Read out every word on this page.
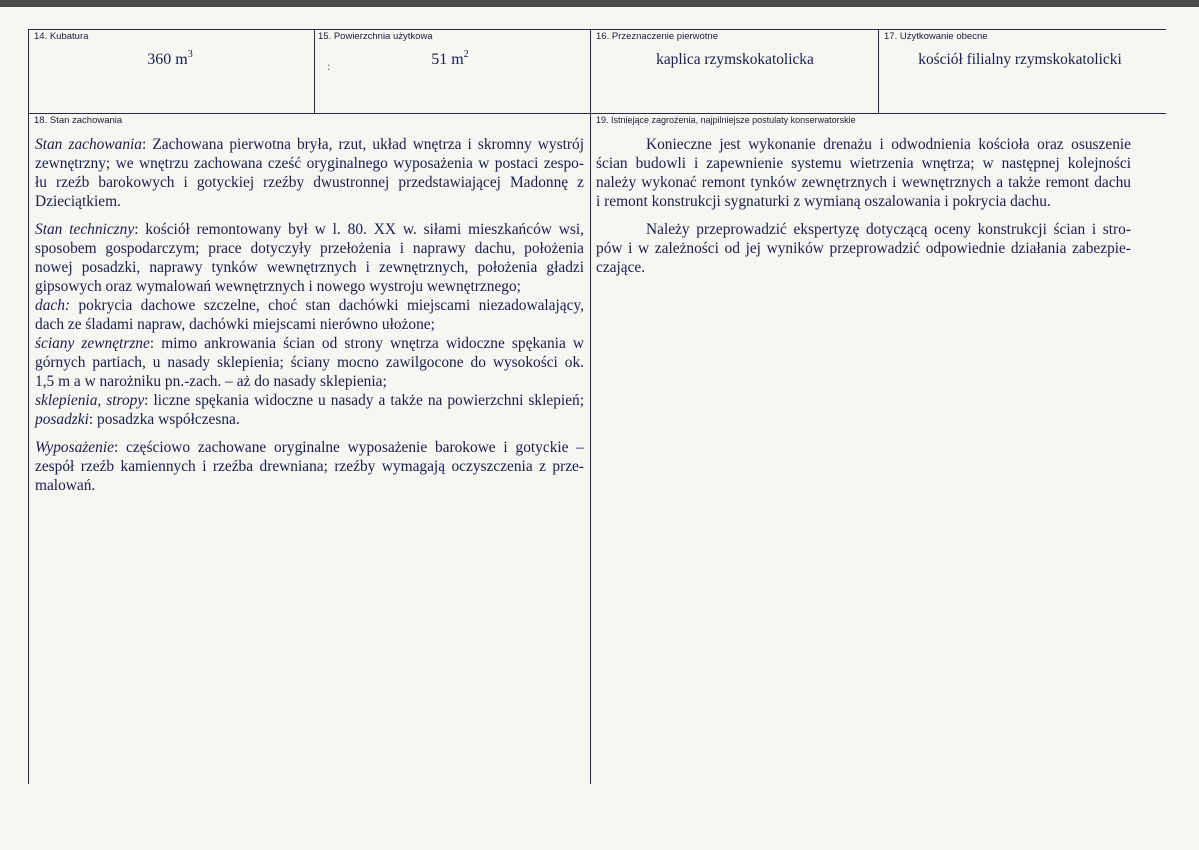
14. Kubatura
360 $m^3$
15. Powierzchnia użytkowa
:	51 $m^2$
16. Przeznaczenie pierwotne
kaplica rzymskokatolicka
17. Użytkowanie obecne
kościół filialny rzymskokatolicki
18. Stan zachowania
Stan zachowania: Zachowana pierwotna bryła, rzut, układ wnętrza i skromny wystrój
zewnętrzny; we wnętrzu zachowana cześć oryginalnego wyposażenia w postaci zespo-
łu rzeźb barokowych i gotyckiej rzeźby dwustronnej przedstawiającej Madonnę z
Dzieciątkiem.
Stan techniczny: kościół remontowany był w l. 80. XX w. siłami mieszkańców wsi,
sposobem gospodarczym; prace dotyczyły przełożenia i naprawy dachu, położenia
nowej posadzki, naprawy tynków wewnętrznych i zewnętrznych, położenia gładzi
gipsowych oraz wymalowań wewnętrznych i nowego wystroju wewnętrznego;
dach: pokrycia dachowe szczelne, choć stan dachówki miejscami niezadowalający,
dach ze śladami napraw, dachówki miejscami nierówno ułożone;
ściany zewnętrzne: mimo ankrowania ścian od strony wnętrza widoczne spękania w
górnych partiach, u nasady sklepienia; ściany mocno zawilgocone do wysokości ok.
1,5 m a w narożniku pn.-zach. – aż do nasady sklepienia;
sklepienia, stropy: liczne spękania widoczne u nasady a także na powierzchni sklepień;
posadzki: posadzka współczesna.
Wyposażenie: częściowo zachowane oryginalne wyposażenie barokowe i gotyckie –
zespół rzeźb kamiennych i rzeźba drewniana; rzeźby wymagają oczyszczenia z prze-
malowań.
19. Istniejące zagrożenia, najpilniejsze postulaty konserwatorskie
Konieczne jest wykonanie drenażu i odwodnienia kościoła oraz osuszenie
ścian budowli i zapewnienie systemu wietrzenia wnętrza; w następnej kolejności
należy wykonać remont tynków zewnętrznych i wewnętrznych a także remont dachu
i remont konstrukcji sygnaturki z wymianą oszalowania i pokrycia dachu.
Należy przeprowadzić ekspertyzę dotyczącą oceny konstrukcji ścian i stro-
pów i w zależności od jej wyników przeprowadzić odpowiednie działania zabezpie-
czające.
